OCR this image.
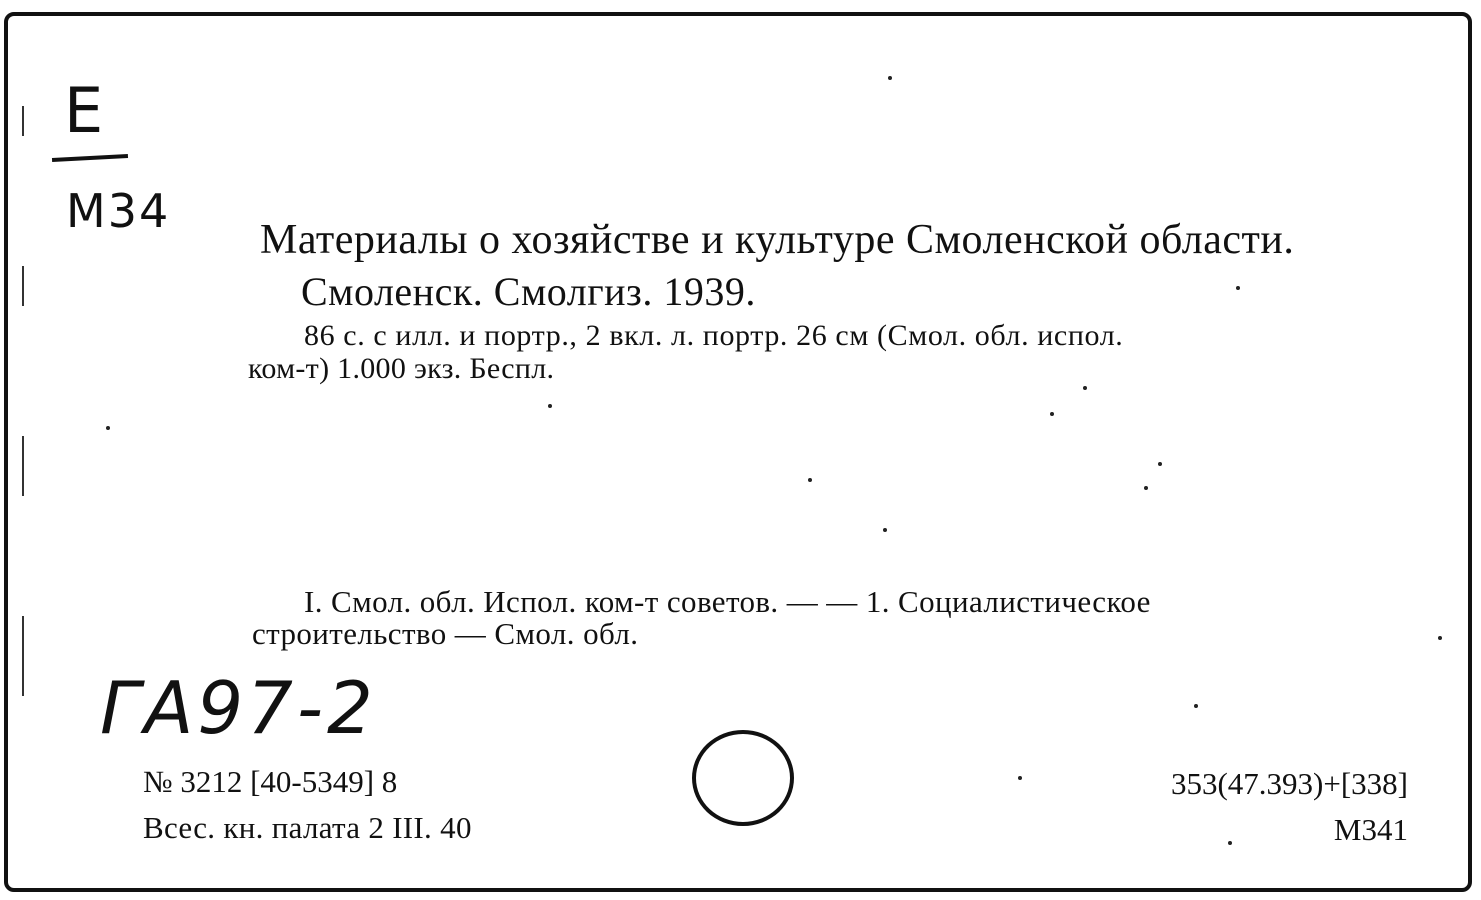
E

M34

Материалы о хозяйстве и культуре Смоленской области.

Смоленск. Смолгиз. 1939.

86 с. с илл. и портр., 2 вкл. л. портр. 26 см (Смол. обл. испол.

ком-т) 1.000 экз. Беспл.

I. Смол. обл. Испол. ком-т советов. — — 1. Социалистическое

строительство — Смол. обл.

ГА97-2

№ 3212 [40-5349] 8

Всес. кн. палата 2 III. 40

353(47.393)+[338]

М341
